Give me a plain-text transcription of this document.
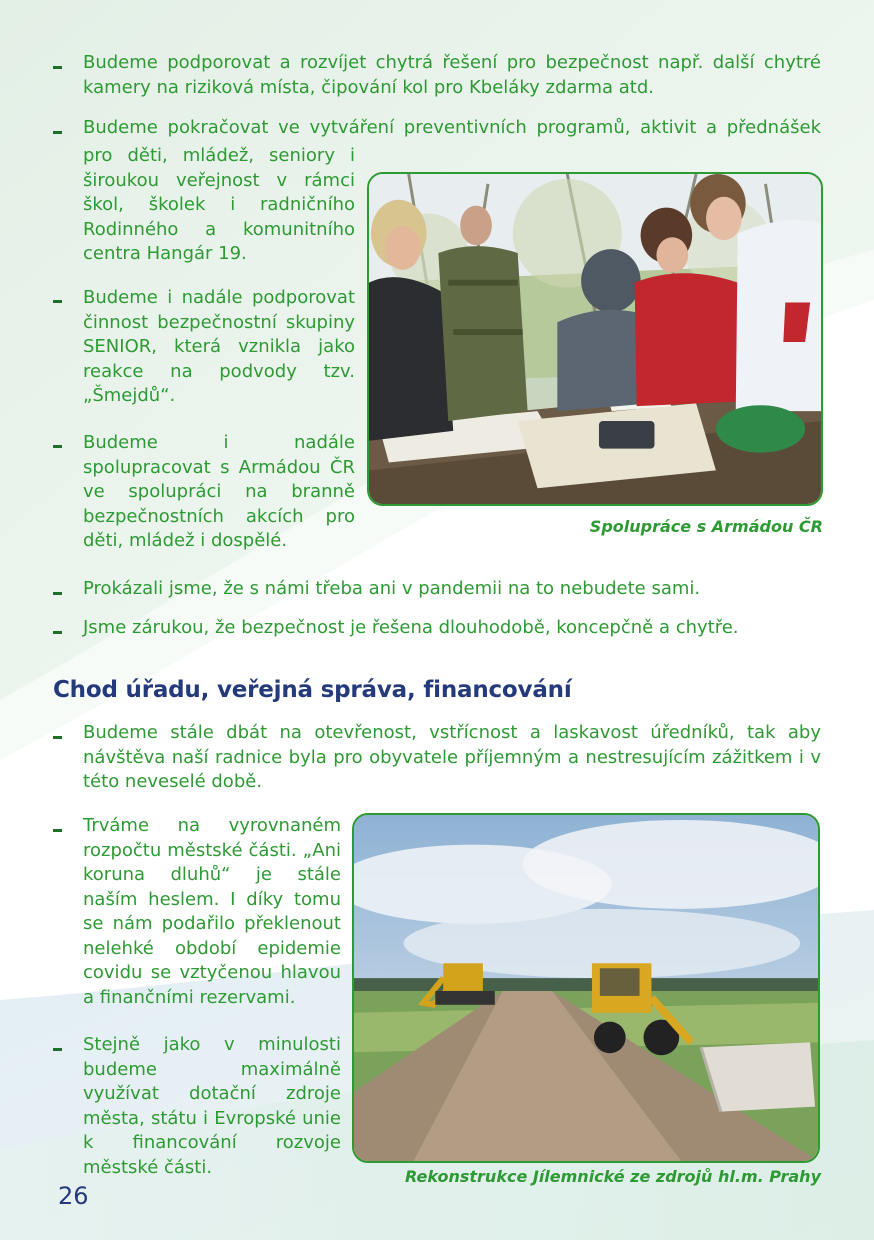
Budeme podporovat a rozvíjet chytrá řešení pro bezpečnost např. další chytré kamery na riziková místa, čipování kol pro Kbeláky zdarma atd.
Budeme pokračovat ve vytváření preventivních programů, aktivit a přednášek
pro děti, mládež, seniory i široukou veřejnost v rámci škol, školek i radničního Rodinného a komunitního centra Hangár 19.
Budeme i nadále podporovat činnost bezpečnostní skupiny SENIOR, která vznikla jako reakce na podvody tzv. „Šmejdů“.
Budeme i nadále spolupracovat s Armádou ČR ve spolupráci na branně bezpečnostních akcích pro děti, mládež i dospělé.
Prokázali jsme, že s námi třeba ani v pandemii na to nebudete sami.
Jsme zárukou, že bezpečnost je řešena dlouhodobě, koncepčně a chytře.
Spolupráce s Armádou ČR
Chod úřadu, veřejná správa, financování
Budeme stále dbát na otevřenost, vstřícnost a laskavost úředníků, tak aby návštěva naší radnice byla pro obyvatele příjemným a nestresujícím zážitkem i v této neveselé době.
Trváme na vyrovnaném rozpočtu městské části. „Ani koruna dluhů“ je stále naším heslem. I díky tomu se nám podařilo překlenout nelehké období epidemie covidu se vztyčenou hlavou a finančními rezervami.
Stejně jako v minulosti budeme maximálně využívat dotační zdroje města, státu i Evropské unie k financování rozvoje městské části.	Rekonstrukce Jílemnické ze zdrojů hl.m. Prahy
26
